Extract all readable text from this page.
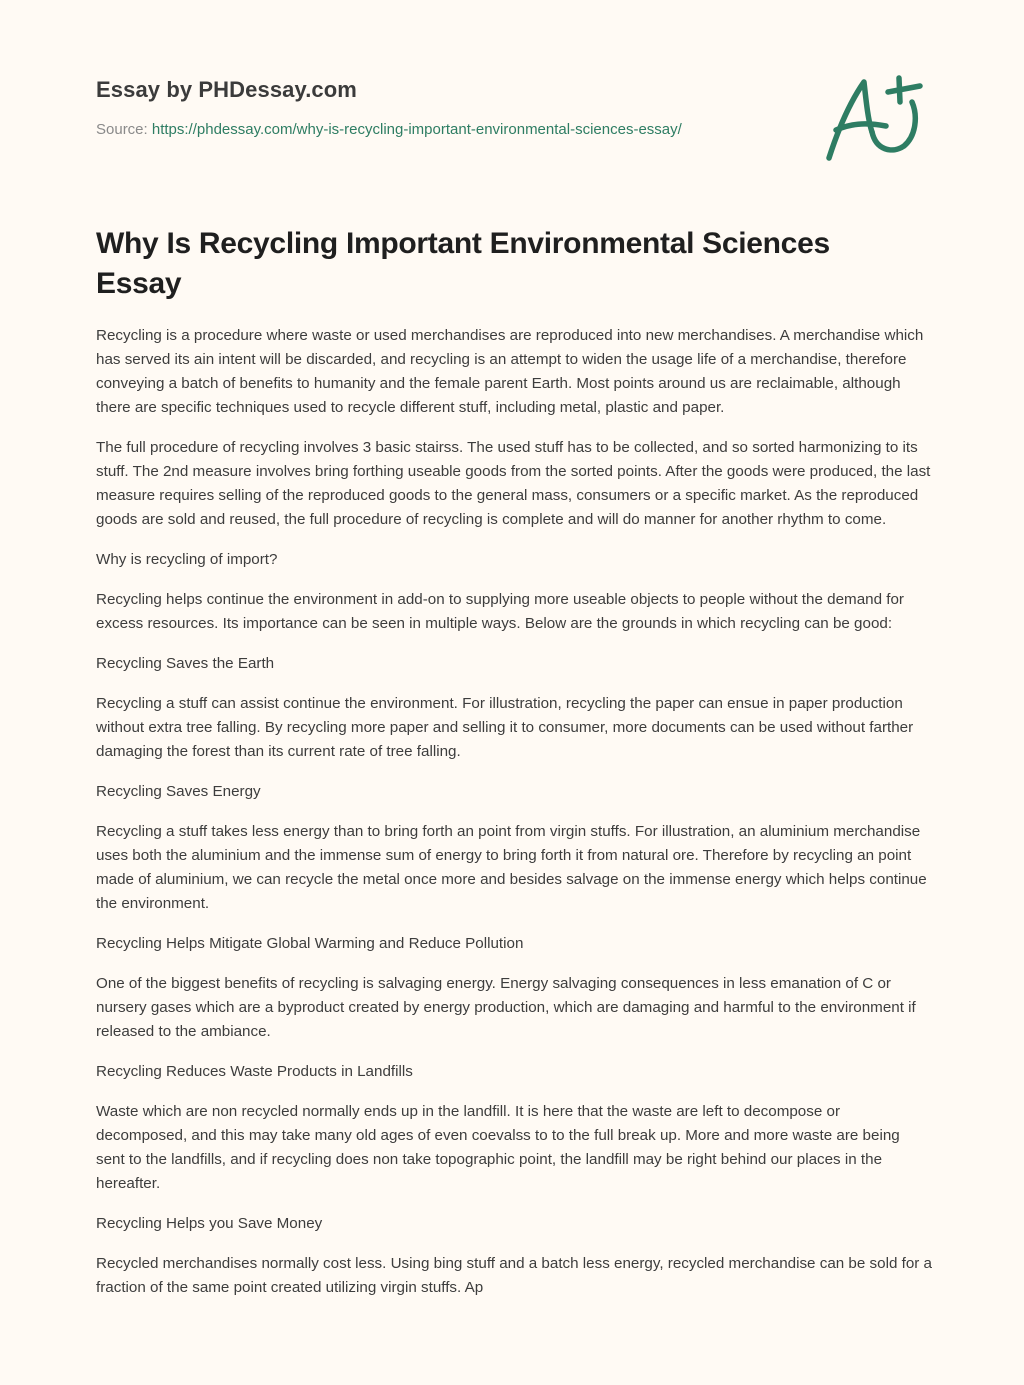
Essay by PHDessay.com
Source: https://phdessay.com/why-is-recycling-important-environmental-sciences-essay/
Why Is Recycling Important Environmental Sciences Essay

Recycling is a procedure where waste or used merchandises are reproduced into new merchandises. A merchandise which has served its ain intent will be discarded, and recycling is an attempt to widen the usage life of a merchandise, therefore conveying a batch of benefits to humanity and the female parent Earth. Most points around us are reclaimable, although there are specific techniques used to recycle different stuff, including metal, plastic and paper.

The full procedure of recycling involves 3 basic stairss. The used stuff has to be collected, and so sorted harmonizing to its stuff. The 2nd measure involves bring forthing useable goods from the sorted points. After the goods were produced, the last measure requires selling of the reproduced goods to the general mass, consumers or a specific market. As the reproduced goods are sold and reused, the full procedure of recycling is complete and will do manner for another rhythm to come.

Why is recycling of import?

Recycling helps continue the environment in add-on to supplying more useable objects to people without the demand for excess resources. Its importance can be seen in multiple ways. Below are the grounds in which recycling can be good:

Recycling Saves the Earth

Recycling a stuff can assist continue the environment. For illustration, recycling the paper can ensue in paper production without extra tree falling. By recycling more paper and selling it to consumer, more documents can be used without farther damaging the forest than its current rate of tree falling.

Recycling Saves Energy

Recycling a stuff takes less energy than to bring forth an point from virgin stuffs. For illustration, an aluminium merchandise uses both the aluminium and the immense sum of energy to bring forth it from natural ore. Therefore by recycling an point made of aluminium, we can recycle the metal once more and besides salvage on the immense energy which helps continue the environment.

Recycling Helps Mitigate Global Warming and Reduce Pollution

One of the biggest benefits of recycling is salvaging energy. Energy salvaging consequences in less emanation of C or nursery gases which are a byproduct created by energy production, which are damaging and harmful to the environment if released to the ambiance.

Recycling Reduces Waste Products in Landfills

Waste which are non recycled normally ends up in the landfill. It is here that the waste are left to decompose or decomposed, and this may take many old ages of even coevalss to to the full break up. More and more waste are being sent to the landfills, and if recycling does non take topographic point, the landfill may be right behind our places in the hereafter.

Recycling Helps you Save Money

Recycled merchandises normally cost less. Using bing stuff and a batch less energy, recycled merchandise can be sold for a fraction of the same point created utilizing virgin stuffs. Ap
